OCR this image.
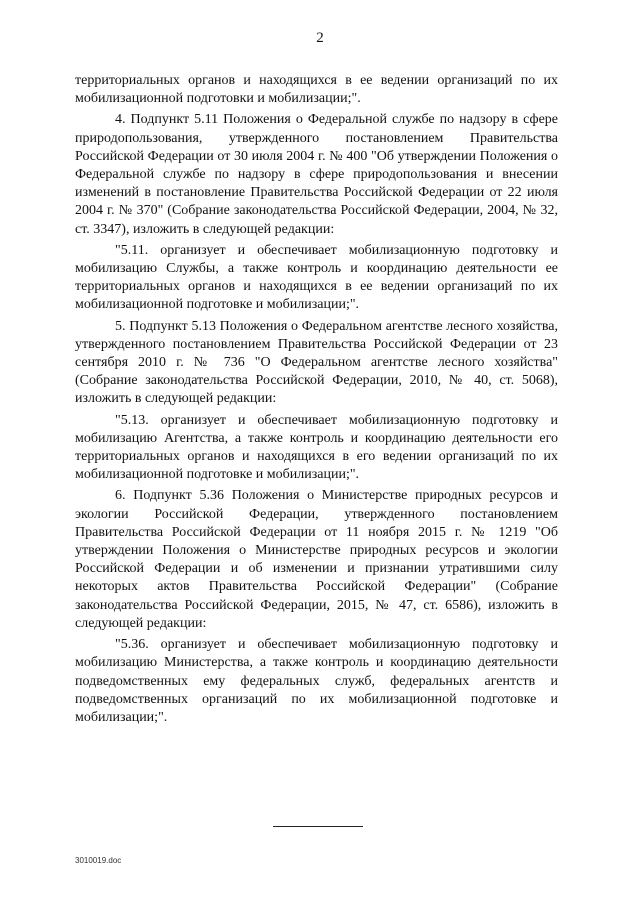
2

территориальных органов и находящихся в ее ведении организаций по их мобилизационной подготовки и мобилизации;".

4. Подпункт 5.11 Положения о Федеральной службе по надзору в сфере природопользования, утвержденного постановлением Правительства Российской Федерации от 30 июля 2004 г. № 400 "Об утверждении Положения о Федеральной службе по надзору в сфере природопользования и внесении изменений в постановление Правительства Российской Федерации от 22 июля 2004 г. № 370" (Собрание законодательства Российской Федерации, 2004, № 32, ст. 3347), изложить в следующей редакции:

"5.11. организует и обеспечивает мобилизационную подготовку и мобилизацию Службы, а также контроль и координацию деятельности ее территориальных органов и находящихся в ее ведении организаций по их мобилизационной подготовке и мобилизации;".

5. Подпункт 5.13 Положения о Федеральном агентстве лесного хозяйства, утвержденного постановлением Правительства Российской Федерации от 23 сентября 2010 г. № 736 "О Федеральном агентстве лесного хозяйства" (Собрание законодательства Российской Федерации, 2010, № 40, ст. 5068), изложить в следующей редакции:

"5.13. организует и обеспечивает мобилизационную подготовку и мобилизацию Агентства, а также контроль и координацию деятельности его территориальных органов и находящихся в его ведении организаций по их мобилизационной подготовке и мобилизации;".

6. Подпункт 5.36 Положения о Министерстве природных ресурсов и экологии Российской Федерации, утвержденного постановлением Правительства Российской Федерации от 11 ноября 2015 г. № 1219 "Об утверждении Положения о Министерстве природных ресурсов и экологии Российской Федерации и об изменении и признании утратившими силу некоторых актов Правительства Российской Федерации" (Собрание законодательства Российской Федерации, 2015, № 47, ст. 6586), изложить в следующей редакции:

"5.36. организует и обеспечивает мобилизационную подготовку и мобилизацию Министерства, а также контроль и координацию деятельности подведомственных ему федеральных служб, федеральных агентств и подведомственных организаций по их мобилизационной подготовке и мобилизации;".

3010019.doc
